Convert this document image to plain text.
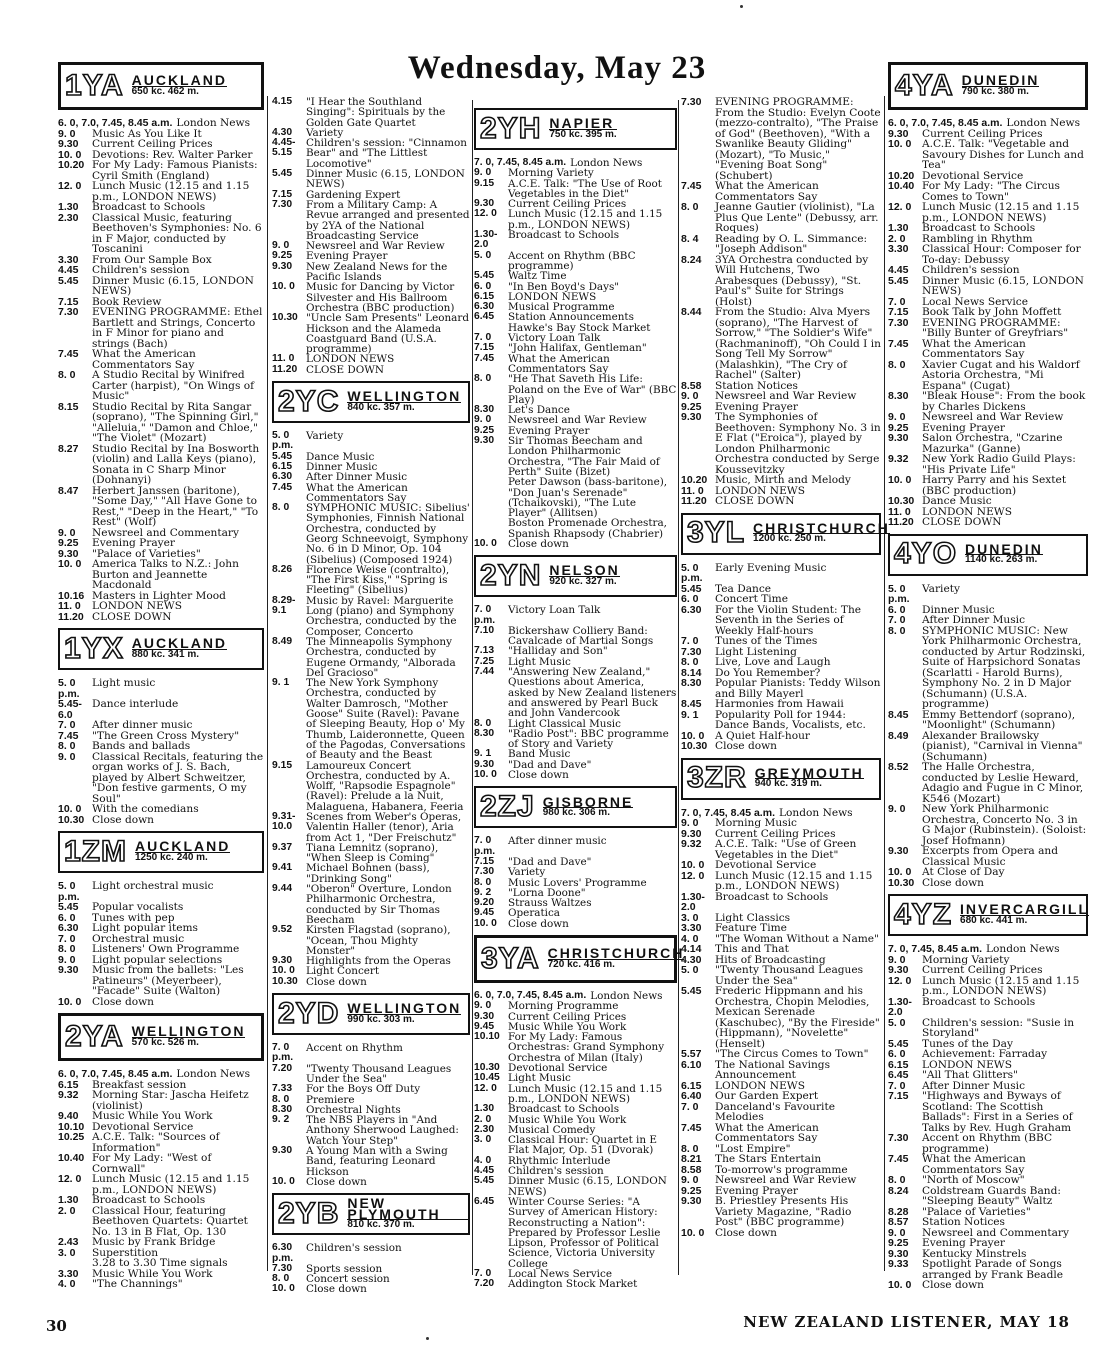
Wednesday, May 23
1YA AUCKLAND
650 kc. 462 m.
6. 0, 7.0, 7.45, 8.45 a.m. London News
9. 0	Music As You Like It
9.30	Current Ceiling Prices
10. 0	Devotions: Rev. Walter Parker
10.20 For My Lady: Famous Pianists: Cyril Smith (England)
12. 0	Lunch Music (12.15 and 1.15 p.m., LONDON NEWS)
1.30	Broadcast to Schools
2.30	Classical Music, featuring Beethoven's Symphonies: No. 6 in F Major, conducted by Toscanini
3.30	From Our Sample Box
4.45	Children's session
5.45	Dinner Music (6.15, LONDON NEWS)
7.15	Book Review
7.30	EVENING PROGRAMME: Ethel Bartlett and Strings, Concerto in F Minor for piano and strings (Bach)
7.45	What the American Commentators Say
8. 0	A Studio Recital by Winifred Carter (harpist), "On Wings of Music"
8.15	Studio Recital by Rita Sangar (soprano), "The Spinning Girl," "Alleluia," "Damon and Chloe," "The Violet" (Mozart)
8.27	Studio Recital by Ina Bosworth (violin) and Lalla Keys (piano), Sonata in C Sharp Minor (Dohnanyi)
8.47	Herbert Janssen (baritone), "Some Day," "All Have Gone to Rest," "Deep in the Heart," "To Rest" (Wolf)
9. 0	Newsreel and Commentary
9.25	Evening Prayer
9.30	"Palace of Varieties"
10. 0	America Talks to N.Z.: John Burton and Jeannette Macdonald
10.16 Masters in Lighter Mood
11. 0	LONDON NEWS
11.20 CLOSE DOWN
1YX AUCKLAND
880 kc. 341 m.
5. 0 p.m.
Light music
5.45-6.0
Dance interlude
7. 0	After dinner music
7.45	"The Green Cross Mystery"
8. 0	Bands and ballads
9. 0	Classical Recitals, featuring the organ works of J. S. Bach, played by Albert Schweitzer, "Don festive garments, O my Soul"
10. 0	With the comedians
10.30 Close down
1ZM AUCKLAND
1250 kc. 240 m.
5. 0 p.m.
Light orchestral music
5.45	Popular vocalists
6. 0	Tunes with pep
6.30	Light popular items
7. 0	Orchestral music
8. 0	Listeners' Own Programme
9. 0	Light popular selections
9.30	Music from the ballets: "Les Patineurs" (Meyerbeer), "Facade" Suite (Walton)
10. 0	Close down
2YA WELLINGTON
570 kc. 526 m.
6. 0, 7.0, 7.45, 8.45 a.m. London News
6.15	Breakfast session
9.32	Morning Star: Jascha Heifetz (violinist)
9.40	Music While You Work
10.10 Devotional Service
10.25 A.C.E. Talk: "Sources of Information"
10.40 For My Lady: "West of Cornwall"
12. 0	Lunch Music (12.15 and 1.15 p.m., LONDON NEWS)
1.30	Broadcast to Schools
2. 0	Classical Hour, featuring Beethoven Quartets: Quartet No. 13 in B Flat, Op. 130
2.43	Music by Frank Bridge
3. 0	Superstition
3.28 to 3.30 Time signals
3.30	Music While You Work
4. 0	"The Channings"
4.15	"I Hear the Southland Singing": Spirituals by the Golden Gate Quartet
4.30	Variety
4.45-5.15
Children's session: "Cinnamon Bear" and "The Littlest Locomotive"
5.45	Dinner Music (6.15, LONDON NEWS)
7.15	Gardening Expert
7.30	From a Military Camp: A Revue arranged and presented by 2YA of the National Broadcasting Service
9. 0	Newsreel and War Review
9.25	Evening Prayer
9.30	New Zealand News for the Pacific Islands
10. 0	Music for Dancing by Victor Silvester and His Ballroom Orchestra (BBC production)
10.30 "Uncle Sam Presents" Leonard Hickson and the Alameda Coastguard Band (U.S.A. programme)
11. 0	LONDON NEWS
11.20 CLOSE DOWN
2YC WELLINGTON
840 kc. 357 m.
5. 0 p.m.
Variety
5.45	Dance Music
6.15	Dinner Music
6.30	After Dinner Music
7.45	What the American Commentators Say
8. 0	SYMPHONIC MUSIC: Sibelius' Symphonies, Finnish National Orchestra, conducted by Georg Schneevoigt, Symphony No. 6 in D Minor, Op. 104 (Sibelius) (Composed 1924)
8.26	Florence Weise (contralto), "The First Kiss," "Spring is Fleeting" (Sibelius)
8.29-9.1
Music by Ravel: Marguerite Long (piano) and Symphony Orchestra, conducted by the Composer, Concerto
8.49	The Minneapolis Symphony Orchestra, conducted by Eugene Ormandy, "Alborada Del Gracioso"
9. 1	The New York Symphony Orchestra, conducted by Walter Damrosch, "Mother Goose" Suite (Ravel): Pavane of Sleeping Beauty, Hop o' My Thumb, Laideronnette, Queen of the Pagodas, Conversations of Beauty and the Beast
9.15	Lamoureux Concert Orchestra, conducted by A. Wolff, "Rapsodie Espagnole" (Ravel): Prelude a la Nuit, Malaguena, Habanera, Feeria
9.31-10.0
Scenes from Weber's Operas, Valentin Haller (tenor), Aria from Act 1, "Der Freischutz"
9.37	Tiana Lemnitz (soprano), "When Sleep is Coming"
9.41	Michael Bohnen (bass), "Drinking Song"
9.44	"Oberon" Overture, London Philharmonic Orchestra, conducted by Sir Thomas Beecham
9.52	Kirsten Flagstad (soprano), "Ocean, Thou Mighty Monster"
9.30	Highlights from the Operas
10. 0	Light Concert
10.30 Close down
2YD WELLINGTON
990 kc. 303 m.
7. 0 p.m.
Accent on Rhythm
7.20	"Twenty Thousand Leagues Under the Sea"
7.33	For the Boys Off Duty
8. 0	Premiere
8.30	Orchestral Nights
9. 2	The NBS Players in "And Anthony Sherwood Laughed: Watch Your Step"
9.30	A Young Man with a Swing Band, featuring Leonard Hickson
10. 0	Close down
2YB NEW PLYMOUTH
810 kc. 370 m.
6.30 p.m.
Children's session
7.30	Sports session
8. 0	Concert session
10. 0	Close down
2YH NAPIER
750 kc. 395 m.
7. 0, 7.45, 8.45 a.m. London News
9. 0	Morning Variety
9.15	A.C.E. Talk: "The Use of Root Vegetables in the Diet"
9.30	Current Ceiling Prices
12. 0	Lunch Music (12.15 and 1.15 p.m., LONDON NEWS)
1.30-2.0
Broadcast to Schools
5. 0	Accent on Rhythm (BBC programme)
5.45	Waltz Time
6. 0	"In Ben Boyd's Days"
6.15	LONDON NEWS
6.30	Musical Programme
6.45	Station Announcements Hawke's Bay Stock Market
7. 0	Victory Loan Talk
7.15	"John Halifax, Gentleman"
7.45	What the American Commentators Say
8. 0	"He That Saveth His Life: Poland on the Eve of War" (BBC Play)
8.30	Let's Dance
9. 0	Newsreel and War Review
9.25	Evening Prayer
9.30	Sir Thomas Beecham and London Philharmonic Orchestra, "The Fair Maid of Perth" Suite (Bizet)
Peter Dawson (bass-baritone), "Don Juan's Serenade" (Tchaikovski), "The Lute Player" (Allitsen)
Boston Promenade Orchestra, Spanish Rhapsody (Chabrier)
10. 0	Close down
2YN NELSON
920 kc. 327 m.
7. 0 p.m.
Victory Loan Talk
7.10	Bickershaw Colliery Band: Cavalcade of Martial Songs
7.13	"Halliday and Son"
7.25	Light Music
7.44	"Answering New Zealand," Questions about America, asked by New Zealand listeners and answered by Pearl Buck and John Vandercook
8. 0	Light Classical Music
8.30	"Radio Post": BBC programme of Story and Variety
9. 1	Band Music
9.30	"Dad and Dave"
10. 0	Close down
2ZJ GISBORNE
980 kc. 306 m.
7. 0 p.m.
After dinner music
7.15	"Dad and Dave"
7.30	Variety
8. 0	Music Lovers' Programme
9. 2	"Lorna Doone"
9.20	Strauss Waltzes
9.45	Operatica
10. 0	Close down
3YA CHRISTCHURCH
720 kc. 416 m.
6. 0, 7.0, 7.45, 8.45 a.m. London News
9. 0	Morning Programme
9.30	Current Ceiling Prices
9.45	Music While You Work
10.10 For My Lady: Famous Orchestras: Grand Symphony Orchestra of Milan (Italy)
10.30 Devotional Service
10.45 Light Music
12. 0	Lunch Music (12.15 and 1.15 p.m., LONDON NEWS)
1.30	Broadcast to Schools
2. 0	Music While You Work
2.30	Musical Comedy
3. 0	Classical Hour: Quartet in E Flat Major, Op. 51 (Dvorak)
4. 0	Rhythmic Interlude
4.45	Children's session
5.45	Dinner Music (6.15, LONDON NEWS)
6.45	Winter Course Series: "A Survey of American History: Reconstructing a Nation": Prepared by Professor Leslie Lipson, Professor of Political Science, Victoria University College
7. 0	Local News Service
7.20	Addington Stock Market
7.30	EVENING PROGRAMME: From the Studio: Evelyn Coote (mezzo-contralto), "The Praise of God" (Beethoven), "With a Swanlike Beauty Gliding" (Mozart), "To Music," "Evening Boat Song" (Schubert)
7.45	What the American Commentators Say
8. 0	Jeanne Gautier (violinist), "La Plus Que Lente" (Debussy, arr. Roques)
8. 4	Reading by O. L. Simmance: "Joseph Addison"
8.24	3YA Orchestra conducted by Will Hutchens, Two Arabesques (Debussy), "St. Paul's" Suite for Strings (Holst)
8.44	From the Studio: Alva Myers (soprano), "The Harvest of Sorrow," "The Soldier's Wife" (Rachmaninoff), "Oh Could I in Song Tell My Sorrow" (Malashkin), "The Cry of Rachel" (Salter)
8.58	Station Notices
9. 0	Newsreel and War Review
9.25	Evening Prayer
9.30	The Symphonies of Beethoven: Symphony No. 3 in E Flat ("Eroica"), played by London Philharmonic Orchestra conducted by Serge Koussevitzky
10.20 Music, Mirth and Melody
11. 0	LONDON NEWS
11.20 CLOSE DOWN
3YL CHRISTCHURCH
1200 kc. 250 m.
5. 0 p.m.
Early Evening Music
5.45	Tea Dance
6. 0	Concert Time
6.30	For the Violin Student: The Seventh in the Series of Weekly Half-hours
7. 0	Tunes of the Times
7.30	Light Listening
8. 0	Live, Love and Laugh
8.14	Do You Remember?
8.30	Popular Pianists: Teddy Wilson and Billy Mayerl
8.45	Harmonies from Hawaii
9. 1	Popularity Poll for 1944: Dance Bands, Vocalists, etc.
10. 0	A Quiet Half-hour
10.30 Close down
3ZR GREYMOUTH
940 kc. 319 m.
7. 0, 7.45, 8.45 a.m. London News
9. 0	Morning Music
9.30	Current Ceiling Prices
9.32	A.C.E. Talk: "Use of Green Vegetables in the Diet"
10. 0	Devotional Service
12. 0	Lunch Music (12.15 and 1.15 p.m., LONDON NEWS)
1.30-2.0
Broadcast to Schools
3. 0	Light Classics
3.30	Feature Time
4. 0	"The Woman Without a Name"
4.14	This and That
4.30	Hits of Broadcasting
5. 0	"Twenty Thousand Leagues Under the Sea"
5.45	Frederic Hippmann and his Orchestra, Chopin Melodies, Mexican Serenade (Kaschubec), "By the Fireside" (Hippmann), "Novelette" (Henselt)
5.57	"The Circus Comes to Town"
6.10	The National Savings Announcement
6.15	LONDON NEWS
6.40	Our Garden Expert
7. 0	Danceland's Favourite Melodies
7.45	What the American Commentators Say
8. 0	"Lost Empire"
8.21	The Stars Entertain
8.58	To-morrow's programme
9. 0	Newsreel and War Review
9.25	Evening Prayer
9.30	B. Priestley Presents His Variety Magazine, "Radio Post" (BBC programme)
10. 0	Close down
4YA DUNEDIN
790 kc. 380 m.
6. 0, 7.0, 7.45, 8.45 a.m. London News
9.30	Current Ceiling Prices
10. 0	A.C.E. Talk: "Vegetable and Savoury Dishes for Lunch and Tea"
10.20 Devotional Service
10.40 For My Lady: "The Circus Comes to Town"
12. 0	Lunch Music (12.15 and 1.15 p.m., LONDON NEWS)
1.30	Broadcast to Schools
2. 0	Rambling in Rhythm
3.30	Classical Hour: Composer for To-day: Debussy
4.45	Children's session
5.45	Dinner Music (6.15, LONDON NEWS)
7. 0	Local News Service
7.15	Book Talk by John Moffett
7.30	EVENING PROGRAMME: "Billy Bunter of Greyfriars"
7.45	What the American Commentators Say
8. 0	Xavier Cugat and his Waldorf Astoria Orchestra, "Mi Espana" (Cugat)
8.30	"Bleak House": From the book by Charles Dickens
9. 0	Newsreel and War Review
9.25	Evening Prayer
9.30	Salon Orchestra, "Czarine Mazurka" (Ganne)
9.32	New York Radio Guild Plays: "His Private Life"
10. 0	Harry Parry and his Sextet (BBC production)
10.30 Dance Music
11. 0	LONDON NEWS
11.20 CLOSE DOWN
4YO DUNEDIN
1140 kc. 263 m.
5. 0 p.m.
Variety
6. 0	Dinner Music
7. 0	After Dinner Music
8. 0	SYMPHONIC MUSIC: New York Philharmonic Orchestra, conducted by Artur Rodzinski, Suite of Harpsichord Sonatas (Scarlatti - Harold Burns), Symphony No. 2 in D Major (Schumann) (U.S.A. programme)
8.45	Emmy Bettendorf (soprano), "Moonlight" (Schumann)
8.49	Alexander Brailowsky (pianist), "Carnival in Vienna" (Schumann)
8.52	The Halle Orchestra, conducted by Leslie Heward, Adagio and Fugue in C Minor, K546 (Mozart)
9. 0	New York Philharmonic Orchestra, Concerto No. 3 in G Major (Rubinstein). (Soloist: Josef Hofmann)
9.30	Excerpts from Opera and Classical Music
10. 0	At Close of Day
10.30 Close down
4YZ INVERCARGILL
680 kc. 441 m.
7. 0, 7.45, 8.45 a.m. London News
9. 0	Morning Variety
9.30	Current Ceiling Prices
12. 0	Lunch Music (12.15 and 1.15 p.m., LONDON NEWS)
1.30-2.0
Broadcast to Schools
5. 0	Children's session: "Susie in Storyland"
5.45	Tunes of the Day
6. 0	Achievement: Farraday
6.15	LONDON NEWS
6.45	"All That Glitters"
7. 0	After Dinner Music
7.15	"Highways and Byways of Scotland: The Scottish Ballads": First in a Series of Talks by Rev. Hugh Graham
7.30	Accent on Rhythm (BBC programme)
7.45	What the American Commentators Say
8. 0	"North of Moscow"
8.24	Coldstream Guards Band: "Sleeping Beauty" Waltz
8.28	"Palace of Varieties"
8.57	Station Notices
9. 0	Newsreel and Commentary
9.25	Evening Prayer
9.30	Kentucky Minstrels
9.33	Spotlight Parade of Songs arranged by Frank Beadle
10. 0	Close down
30	NEW ZEALAND LISTENER, MAY 18
